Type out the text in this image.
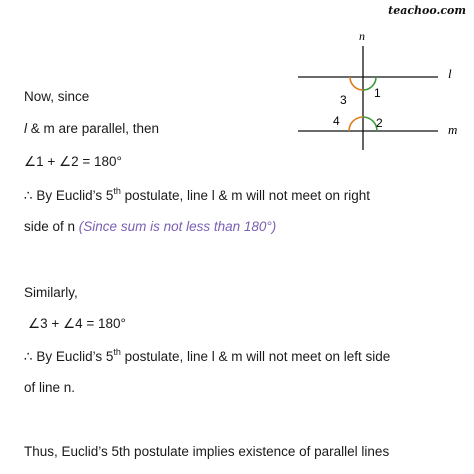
teachoo.com
n
l
m
1
3
4	2
Now, since
l & m are parallel, then
∠1 + ∠2 = 180°
∴ By Euclid’s 5th postulate, line l & m will not meet on right
side of n (Since sum is not less than 180°)
Similarly,
∠3 + ∠4 = 180°
∴ By Euclid’s 5th postulate, line l & m will not meet on left side
of line n.
Thus, Euclid’s 5th postulate implies existence of parallel lines
